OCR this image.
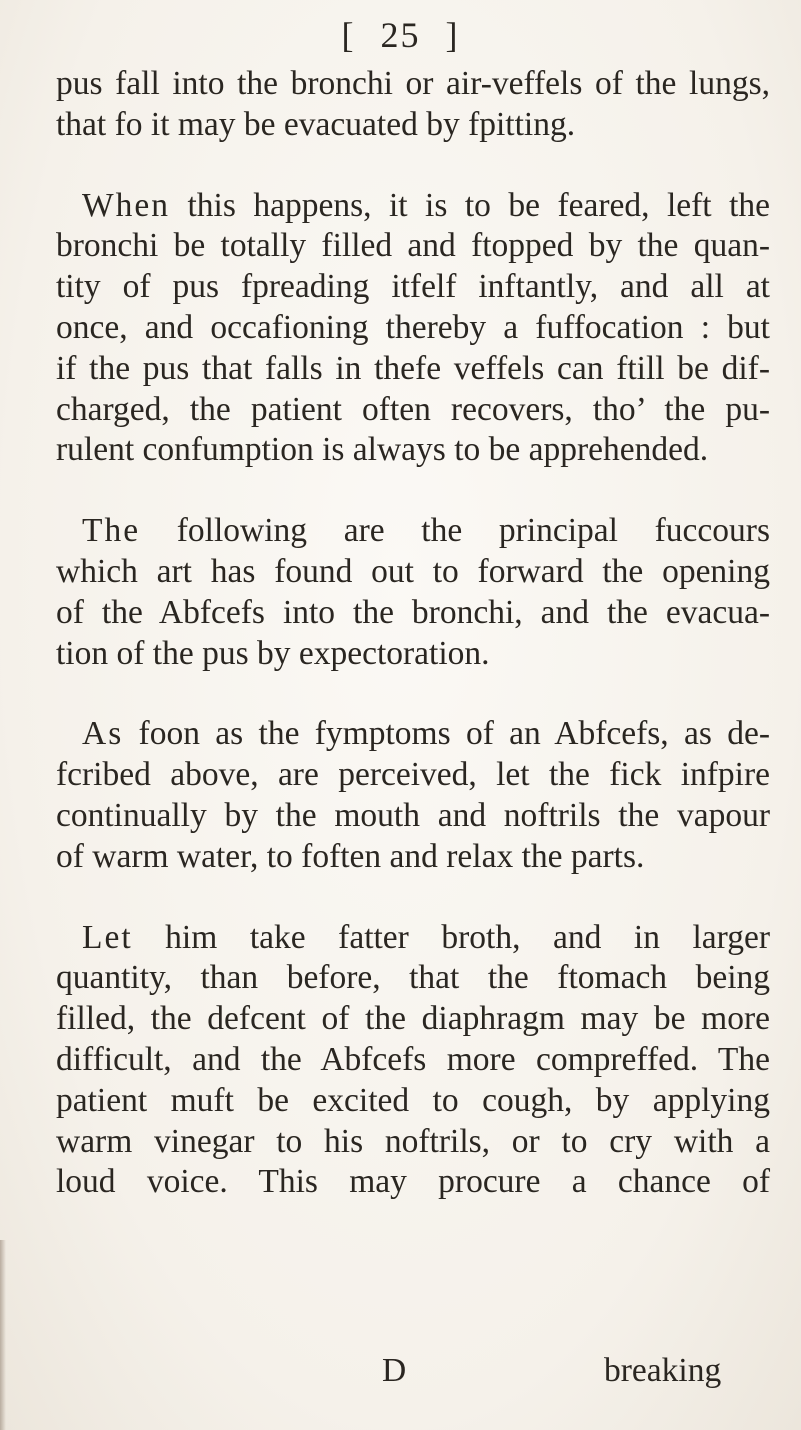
[ 25 ]

pus fall into the bronchi or air-veffels of the lungs,
that fo it may be evacuated by fpitting.

When this happens, it is to be feared, left the
bronchi be totally filled and ftopped by the quan-
tity of pus fpreading itfelf inftantly, and all at
once, and occafioning thereby a fuffocation : but
if the pus that falls in thefe veffels can ftill be dif-
charged, the patient often recovers, tho’ the pu-
rulent confumption is always to be apprehended.

The following are the principal fuccours
which art has found out to forward the opening
of the Abfcefs into the bronchi, and the evacua-
tion of the pus by expectoration.

As foon as the fymptoms of an Abfcefs, as de-
fcribed above, are perceived, let the fick infpire
continually by the mouth and noftrils the vapour
of warm water, to foften and relax the parts.

Let him take fatter broth, and in larger
quantity, than before, that the ftomach being
filled, the defcent of the diaphragm may be more
difficult, and the Abfcefs more compreffed. The
patient muft be excited to cough, by applying
warm vinegar to his noftrils, or to cry with a
loud voice. This may procure a chance of

D	breaking
